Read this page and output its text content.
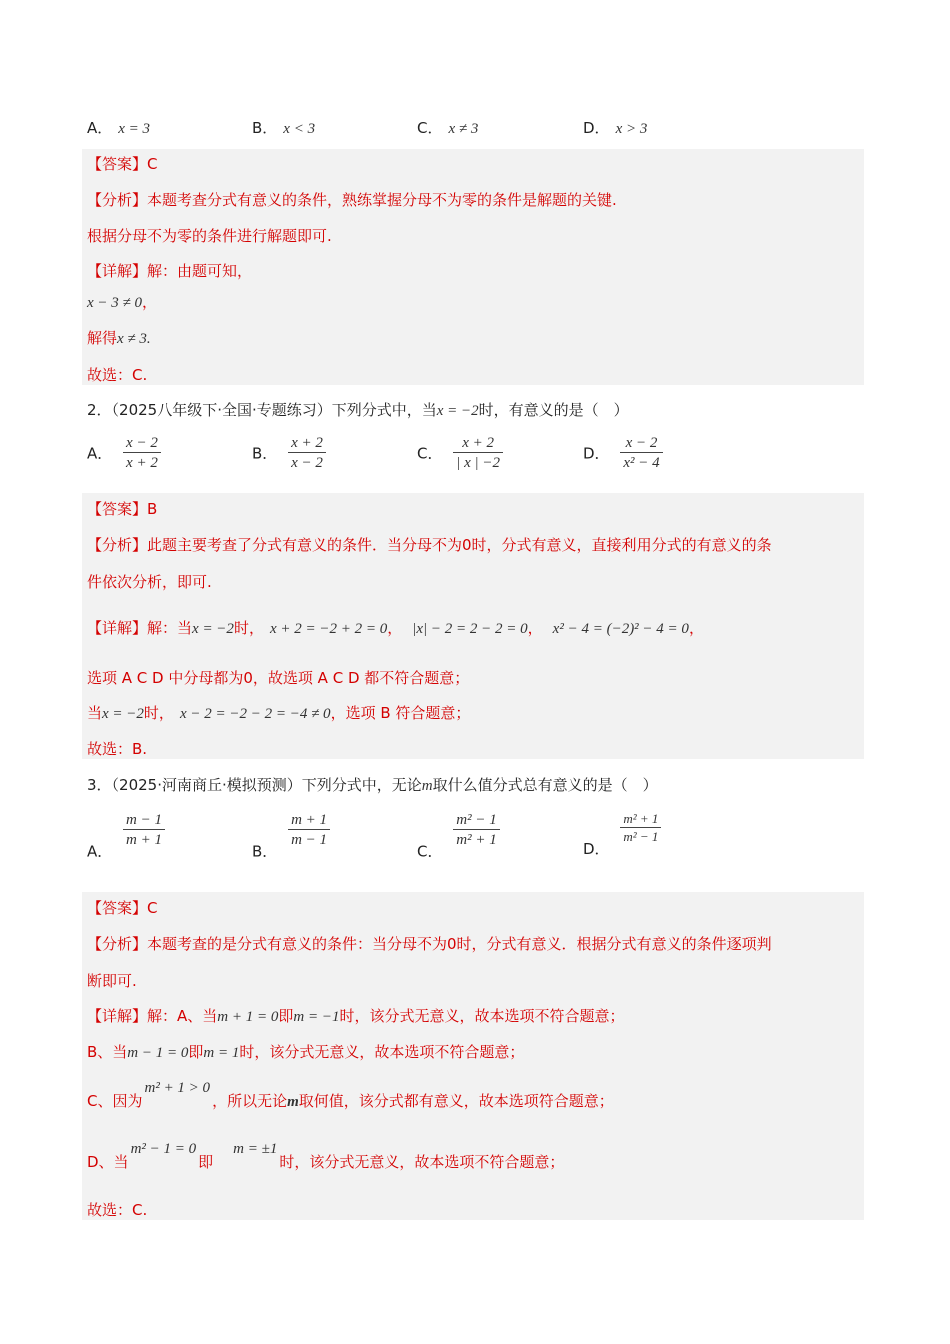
A． x = 3	B． x < 3	C． x ≠ 3	D． x > 3
【答案】C
【分析】本题考查分式有意义的条件，熟练掌握分母不为零的条件是解题的关键.
根据分母不为零的条件进行解题即可.
【详解】解：由题可知，
x − 3 ≠ 0，
解得x ≠ 3.
故选：C.
2．（2025八年级下·全国·专题练习）下列分式中，当x = −2时，有意义的是（　）
A． $\frac{x - 2}{x + 2}$	B． $\frac{x + 2}{x - 2}$	C． $\frac{x + 2}{| x | -2}$	D． $\frac{x - 2}{\text{x² − 4}}$
【答案】B
【分析】此题主要考查了分式有意义的条件．当分母不为0时，分式有意义，直接利用分式的有意义的条
件依次分析，即可.
【详解】解：当x = −2时， x + 2 = −2 + 2 = 0， |x| − 2 = 2 − 2 = 0， x² − 4 = (−2)² − 4 = 0，
选项 A C D 中分母都为0，故选项 A C D 都不符合题意；
当x = −2时， x − 2 = −2 − 2 = −4 ≠ 0，选项 B 符合题意；
故选：B.
3．（2025·河南商丘·模拟预测）下列分式中，无论m取什么值分式总有意义的是（　）
A．
$\frac{m - 1}{m + 1}$
B．
$\frac{m + 1}{m - 1}$
C．
$\frac{\text{m² − 1}}{\text{m² + 1}}$
D．
$\frac{\text{m² + 1}}{\text{m² − 1}}$
【答案】C
【分析】本题考查的是分式有意义的条件：当分母不为0时，分式有意义．根据分式有意义的条件逐项判
断即可.
【详解】解：A、当m + 1 = 0即m = −1时，该分式无意义，故本选项不符合题意；
B、当m − 1 = 0即m = 1时，该分式无意义，故本选项不符合题意；
C、因为m² + 1 > 0，所以无论m取何值，该分式都有意义，故本选项符合题意；
D、当m² − 1 = 0即m = ±1时，该分式无意义，故本选项不符合题意；
故选：C.
